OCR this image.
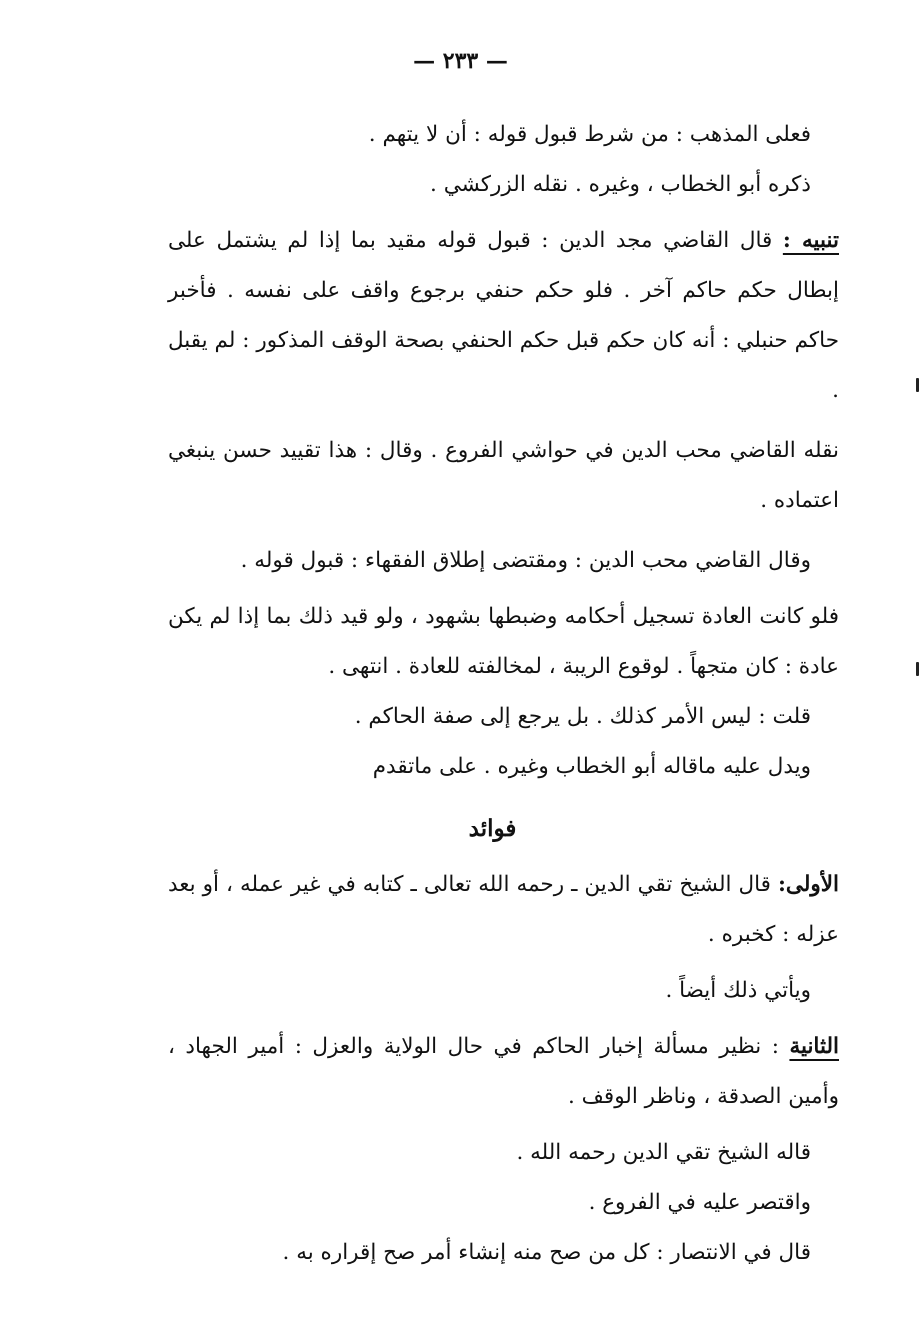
— ٢٣٣ —

فعلى المذهب : من شرط قبول قوله : أن لا يتهم .

ذكره أبو الخطاب ، وغيره . نقله الزركشي .

تنبيه : قال القاضي مجد الدين : قبول قوله مقيد بما إذا لم يشتمل على إبطال حكم حاكم آخر . فلو حكم حنفي برجوع واقف على نفسه . فأخبر حاكم حنبلي : أنه كان حكم قبل حكم الحنفي بصحة الوقف المذكور : لم يقبل .

نقله القاضي محب الدين في حواشي الفروع . وقال : هذا تقييد حسن ينبغي اعتماده .

وقال القاضي محب الدين : ومقتضى إطلاق الفقهاء : قبول قوله .

فلو كانت العادة تسجيل أحكامه وضبطها بشهود ، ولو قيد ذلك بما إذا لم يكن عادة : كان متجهاً . لوقوع الريبة ، لمخالفته للعادة . انتهى .

قلت : ليس الأمر كذلك . بل يرجع إلى صفة الحاكم .

ويدل عليه ماقاله أبو الخطاب وغيره . على ماتقدم

فوائد

الأولى: قال الشيخ تقي الدين ـ رحمه الله تعالى ـ كتابه في غير عمله ، أو بعد عزله : كخبره .

ويأتي ذلك أيضاً .

الثانية : نظير مسألة إخبار الحاكم في حال الولاية والعزل : أمير الجهاد ، وأمين الصدقة ، وناظر الوقف .

قاله الشيخ تقي الدين رحمه الله .

واقتصر عليه في الفروع .

قال في الانتصار : كل من صح منه إنشاء أمر صح إقراره به .
